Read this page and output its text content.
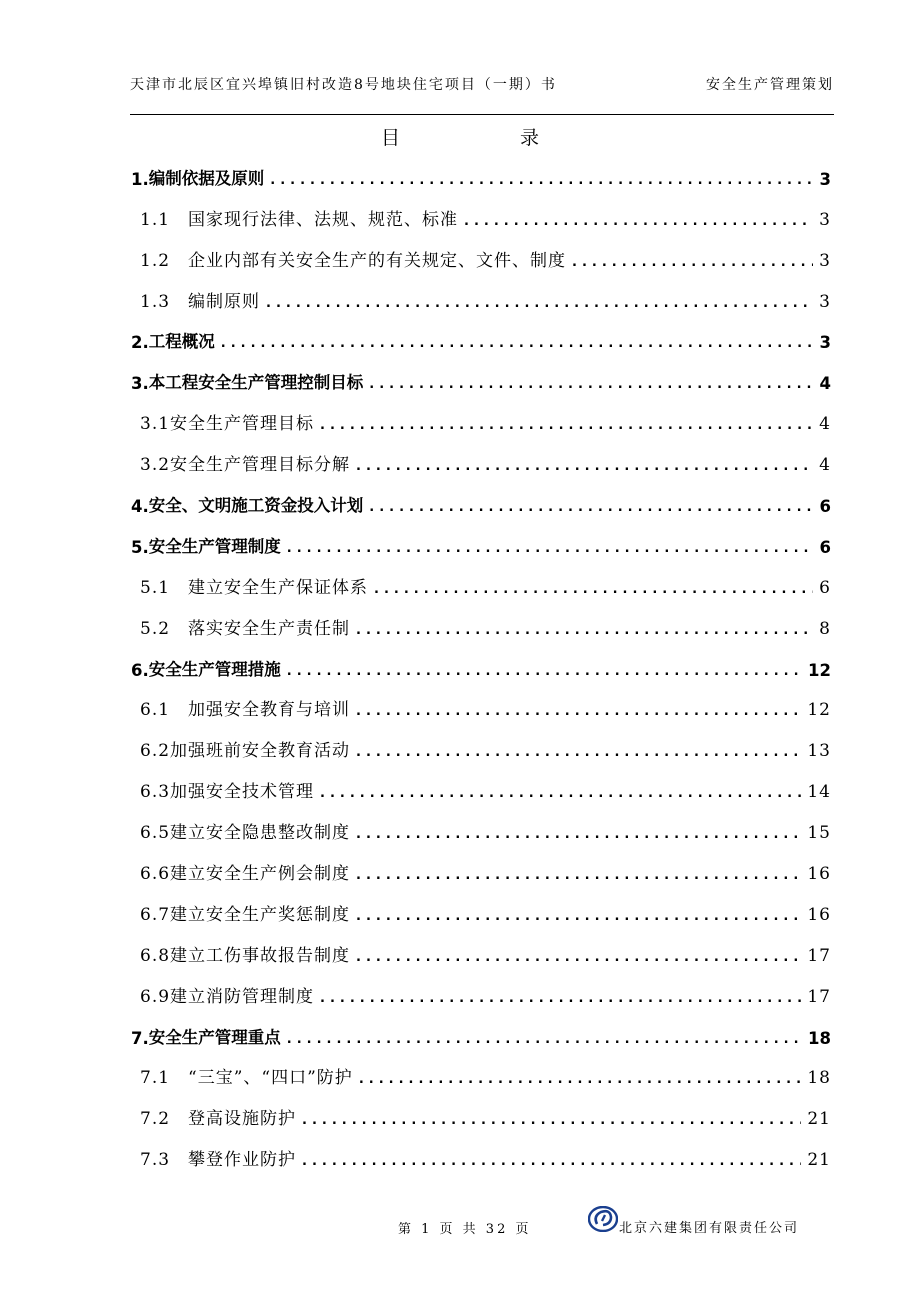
天津市北辰区宜兴埠镇旧村改造8号地块住宅项目（一期）书	安全生产管理策划
目	录
1. 编制依据及原则 .....	3
1.1　 国家现行法律、法规、规范、标准 .....	3
1.2　 企业内部有关安全生产的有关规定、文件、制度 .....	3
1.3　 编制原则 .....	3
2. 工程概况 .....	3
3. 本工程安全生产管理控制目标 .....	4
3.1 安全生产管理目标 .....	4
3.2 安全生产管理目标分解 .....	4
4. 安全、文明施工资金投入计划 .....	6
5. 安全生产管理制度 .....	6
5.1　 建立安全生产保证体系 .....	6
5.2　 落实安全生产责任制 .....	8
6. 安全生产管理措施 .....	12
6.1　 加强安全教育与培训 .....	12
6.2 加强班前安全教育活动 .....	13
6.3 加强安全技术管理 .....	14
6.5 建立安全隐患整改制度 .....	15
6.6 建立安全生产例会制度 .....	16
6.7 建立安全生产奖惩制度 .....	16
6.8 建立工伤事故报告制度 .....	17
6.9 建立消防管理制度 .....	17
7. 安全生产管理重点 .....	18
7.1　 “三宝”、“四口”防护 .....	18
7.2　 登高设施防护 .....	21
7.3　 攀登作业防护 .....	21
第 1 页 共 32 页	北京六建集团有限责任公司
